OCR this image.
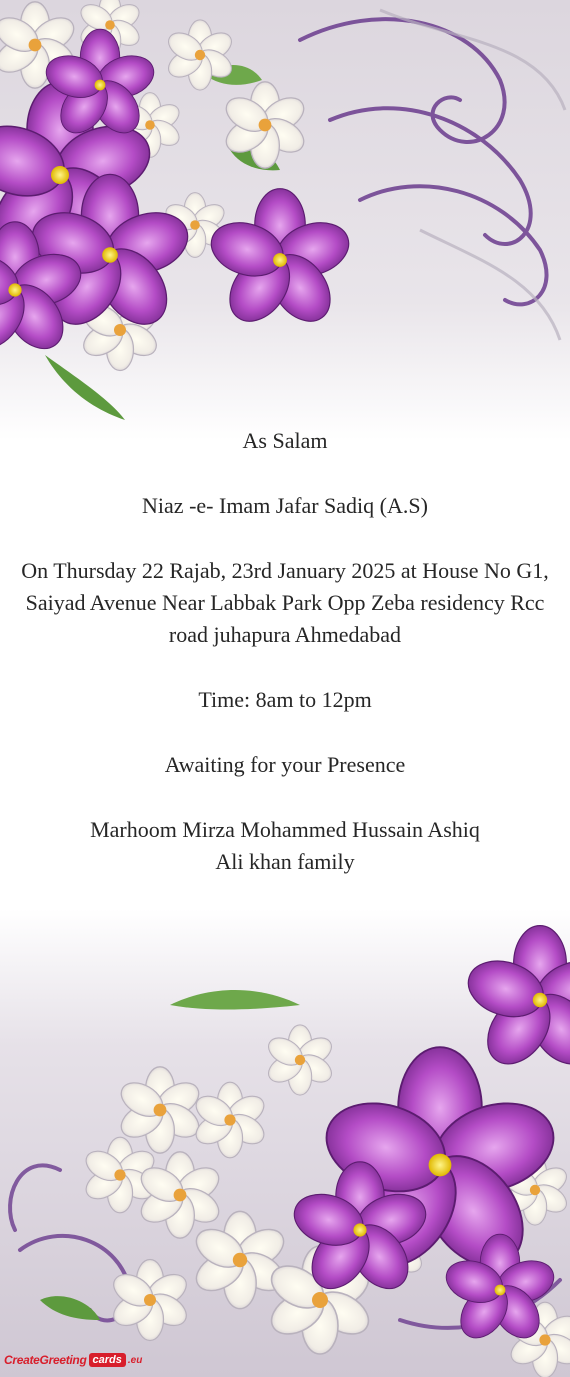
As Salam

Niaz -e- Imam Jafar Sadiq (A.S)

On Thursday 22 Rajab, 23rd January 2025 at House No G1, Saiyad Avenue Near Labbak Park Opp Zeba residency Rcc road juhapura Ahmedabad

Time: 8am to 12pm

Awaiting for your Presence

Marhoom Mirza Mohammed Hussain Ashiq

Ali khan family

CreateGreeting cards .eu
